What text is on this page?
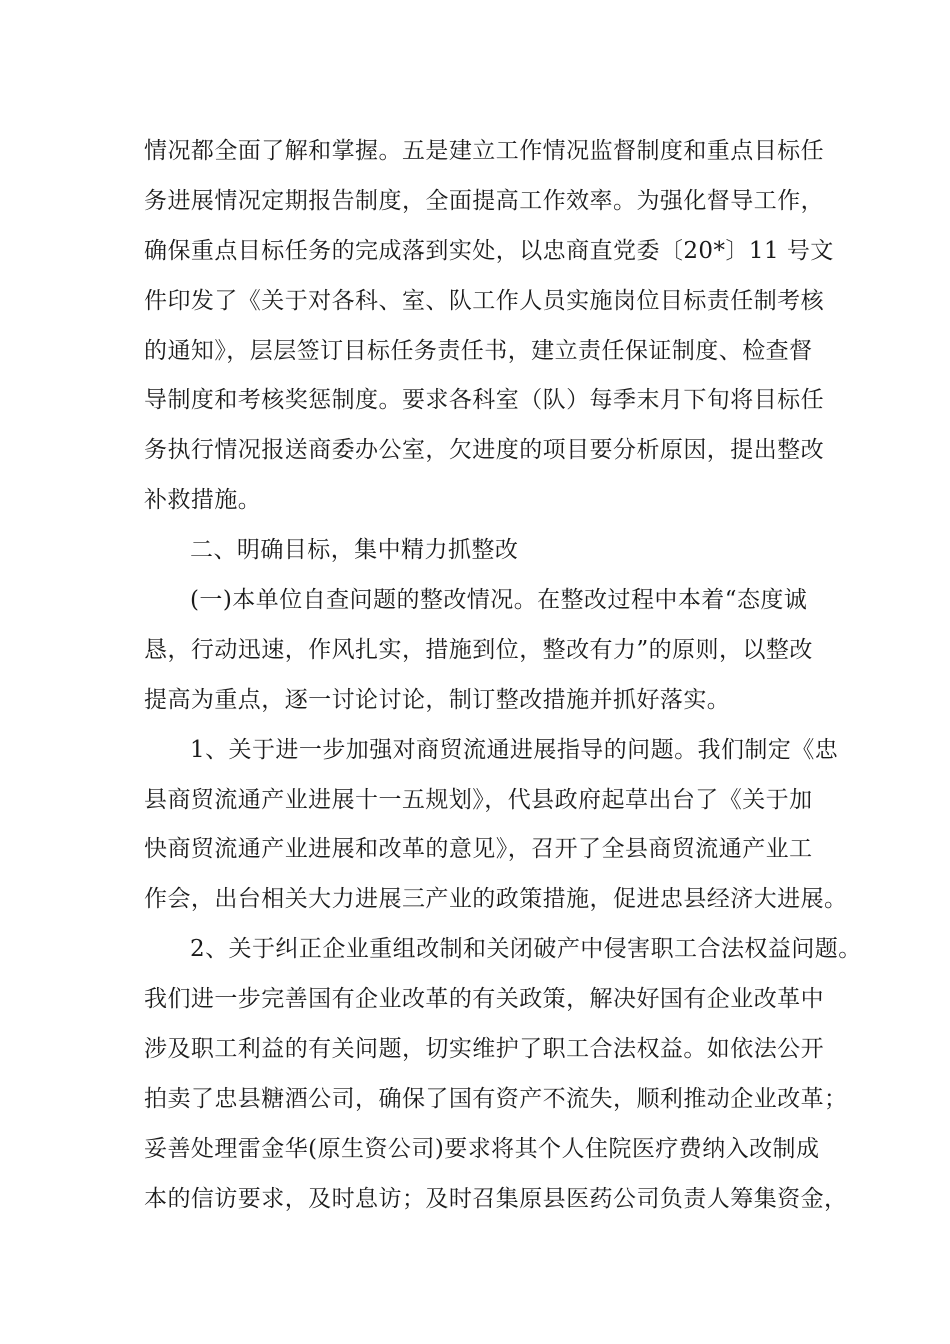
情况都全面了解和掌握。五是建立工作情况监督制度和重点目标任
务进展情况定期报告制度，全面提高工作效率。为强化督导工作，
确保重点目标任务的完成落到实处，以忠商直党委〔20*〕11 号文
件印发了《关于对各科、室、队工作人员实施岗位目标责任制考核
的通知》，层层签订目标任务责任书，建立责任保证制度、检查督
导制度和考核奖惩制度。要求各科室（队）每季末月下旬将目标任
务执行情况报送商委办公室，欠进度的项目要分析原因，提出整改
补救措施。
二、明确目标，集中精力抓整改
(一)本单位自查问题的整改情况。在整改过程中本着“态度诚
恳，行动迅速，作风扎实，措施到位，整改有力”的原则，以整改
提高为重点，逐一讨论讨论，制订整改措施并抓好落实。
1、关于进一步加强对商贸流通进展指导的问题。我们制定《忠
县商贸流通产业进展十一五规划》，代县政府起草出台了《关于加
快商贸流通产业进展和改革的意见》，召开了全县商贸流通产业工
作会，出台相关大力进展三产业的政策措施，促进忠县经济大进展。
2、关于纠正企业重组改制和关闭破产中侵害职工合法权益问题。
我们进一步完善国有企业改革的有关政策，解决好国有企业改革中
涉及职工利益的有关问题，切实维护了职工合法权益。如依法公开
拍卖了忠县糖酒公司，确保了国有资产不流失，顺利推动企业改革；
妥善处理雷金华(原生资公司)要求将其个人住院医疗费纳入改制成
本的信访要求，及时息访；及时召集原县医药公司负责人筹集资金，
